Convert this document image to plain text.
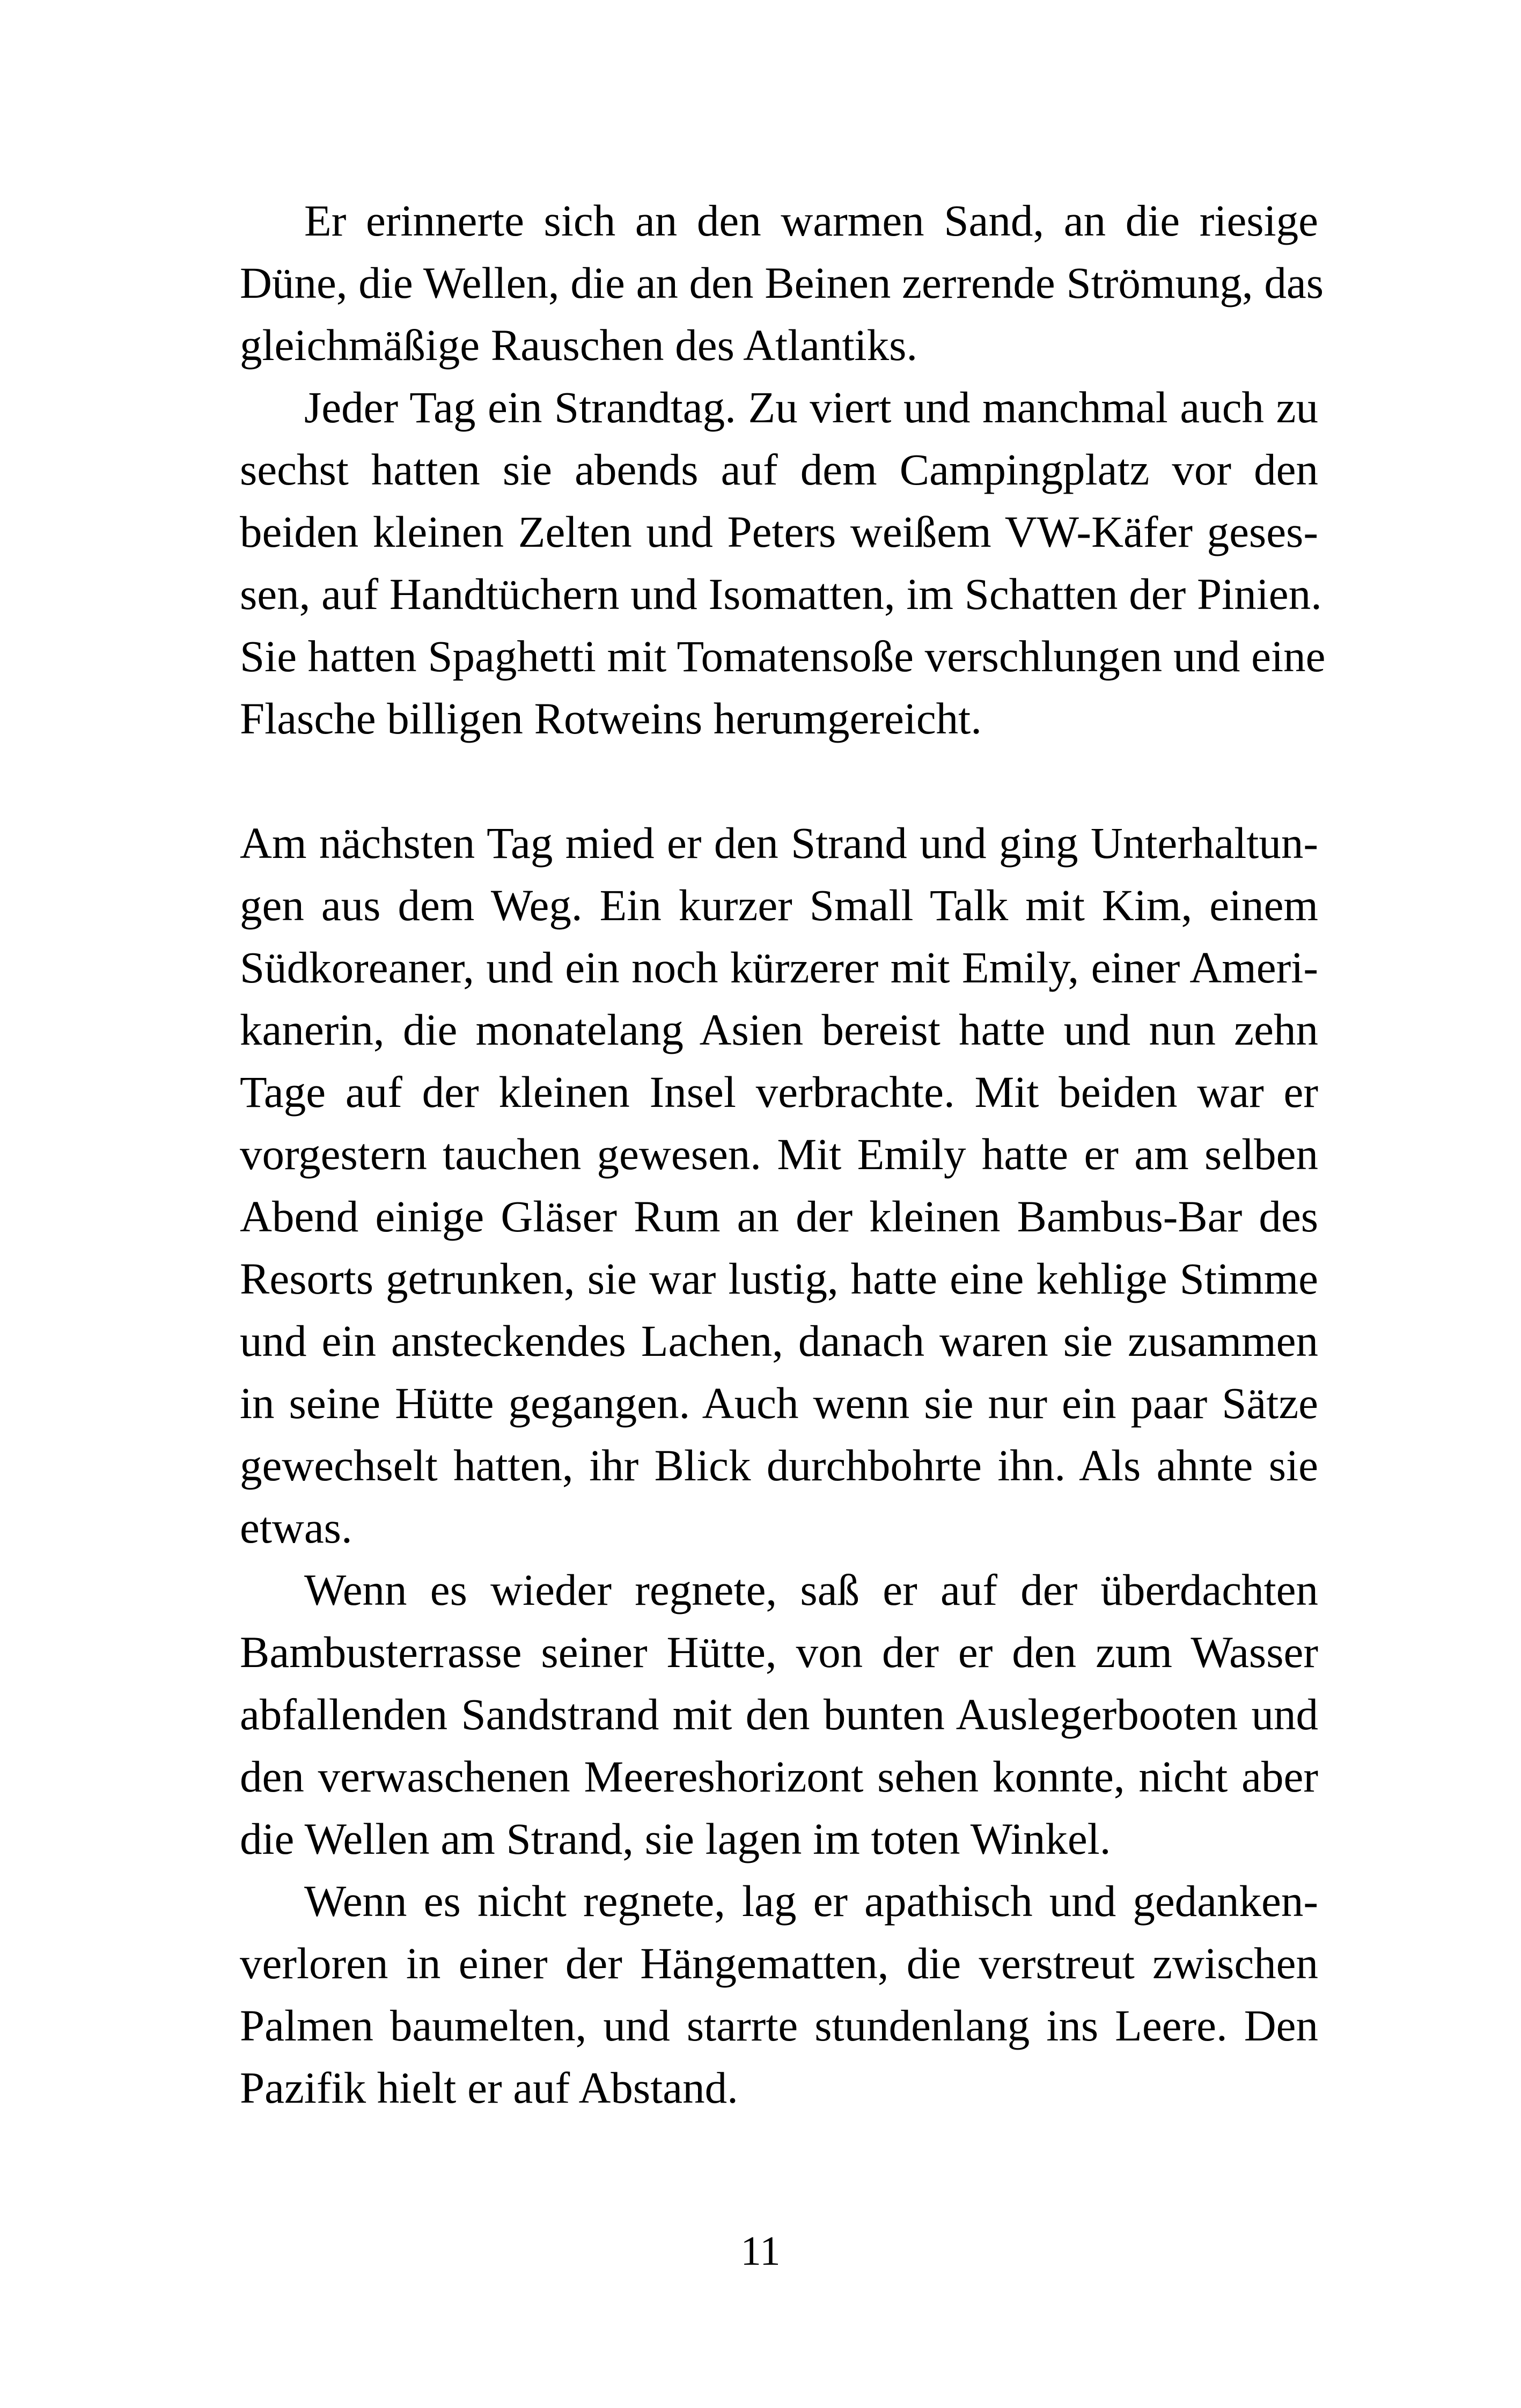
Er erinnerte sich an den warmen Sand, an die riesige
Düne, die Wellen, die an den Beinen zerrende Strömung, das
gleichmäßige Rauschen des Atlantiks.
Jeder Tag ein Strandtag. Zu viert und manchmal auch zu
sechst hatten sie abends auf dem Campingplatz vor den
beiden kleinen Zelten und Peters weißem VW-Käfer geses-
sen, auf Handtüchern und Isomatten, im Schatten der Pinien.
Sie hatten Spaghetti mit Tomatensoße verschlungen und eine
Flasche billigen Rotweins herumgereicht.
Am nächsten Tag mied er den Strand und ging Unterhaltun-
gen aus dem Weg. Ein kurzer Small Talk mit Kim, einem
Südkoreaner, und ein noch kürzerer mit Emily, einer Ameri-
kanerin, die monatelang Asien bereist hatte und nun zehn
Tage auf der kleinen Insel verbrachte. Mit beiden war er
vorgestern tauchen gewesen. Mit Emily hatte er am selben
Abend einige Gläser Rum an der kleinen Bambus-Bar des
Resorts getrunken, sie war lustig, hatte eine kehlige Stimme
und ein ansteckendes Lachen, danach waren sie zusammen
in seine Hütte gegangen. Auch wenn sie nur ein paar Sätze
gewechselt hatten, ihr Blick durchbohrte ihn. Als ahnte sie
etwas.
Wenn es wieder regnete, saß er auf der überdachten
Bambusterrasse seiner Hütte, von der er den zum Wasser
abfallenden Sandstrand mit den bunten Auslegerbooten und
den verwaschenen Meereshorizont sehen konnte, nicht aber
die Wellen am Strand, sie lagen im toten Winkel.
Wenn es nicht regnete, lag er apathisch und gedanken-
verloren in einer der Hängematten, die verstreut zwischen
Palmen baumelten, und starrte stundenlang ins Leere. Den
Pazifik hielt er auf Abstand.
11
